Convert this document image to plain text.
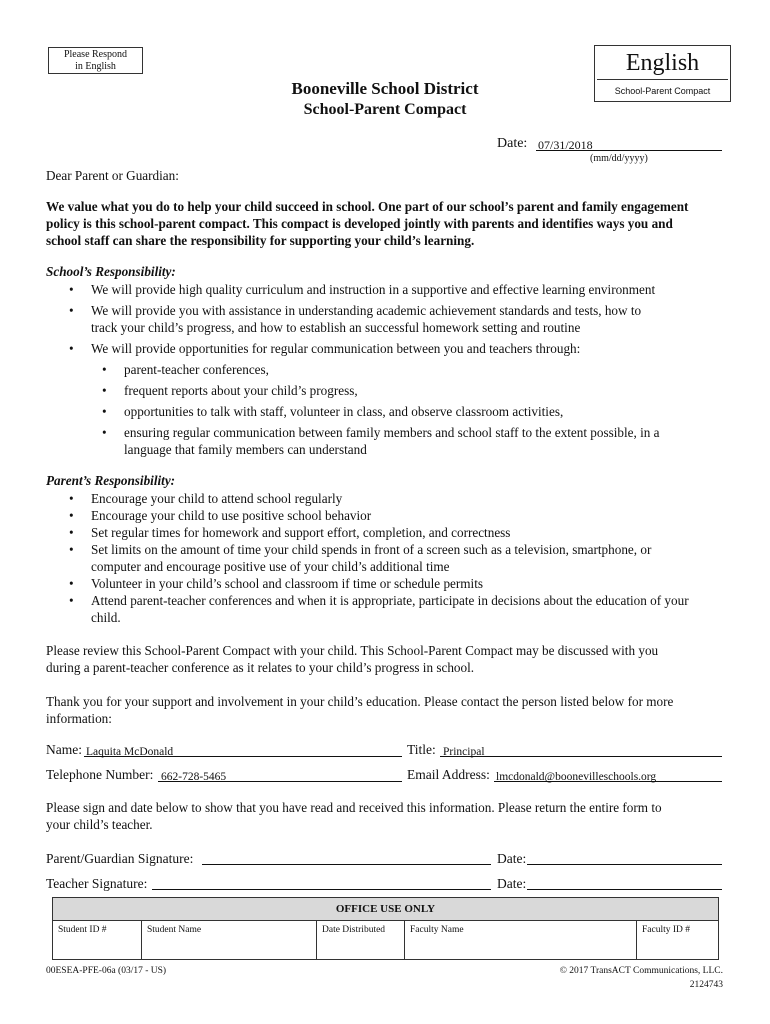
Please Respond
in English	English
School-Parent Compact
Booneville School District
School-Parent Compact
Date: 07/31/2018
(mm/dd/yyyy)
Dear Parent or Guardian:
We value what you do to help your child succeed in school. One part of our school’s parent and family engagement
policy is this school-parent compact. This compact is developed jointly with parents and identifies ways you and
school staff can share the responsibility for supporting your child’s learning.
School’s Responsibility:
• We will provide high quality curriculum and instruction in a supportive and effective learning environment
• We will provide you with assistance in understanding academic achievement standards and tests, how to
track your child’s progress, and how to establish an successful homework setting and routine
• We will provide opportunities for regular communication between you and teachers through:
• parent-teacher conferences,
• frequent reports about your child’s progress,
• opportunities to talk with staff, volunteer in class, and observe classroom activities,
• ensuring regular communication between family members and school staff to the extent possible, in a
language that family members can understand
Parent’s Responsibility:
• Encourage your child to attend school regularly
• Encourage your child to use positive school behavior
• Set regular times for homework and support effort, completion, and correctness
• Set limits on the amount of time your child spends in front of a screen such as a television, smartphone, or
computer and encourage positive use of your child’s additional time
• Volunteer in your child’s school and classroom if time or schedule permits
• Attend parent-teacher conferences and when it is appropriate, participate in decisions about the education of your
child.
Please review this School-Parent Compact with your child. This School-Parent Compact may be discussed with you
during a parent-teacher conference as it relates to your child’s progress in school.
Thank you for your support and involvement in your child’s education. Please contact the person listed below for more
information:
Name: Laquita McDonald	Title: Principal
Telephone Number: 662-728-5465	Email Address: lmcdonald@boonevilleschools.org
Please sign and date below to show that you have read and received this information. Please return the entire form to
your child’s teacher.
Parent/Guardian Signature:	Date:
Teacher Signature:	Date:
OFFICE USE ONLY
Student ID #	Student Name	Date Distributed	Faculty Name	Faculty ID #
00ESEA-PFE-06a (03/17 - US)	© 2017 TransACT Communications, LLC.
2124743
